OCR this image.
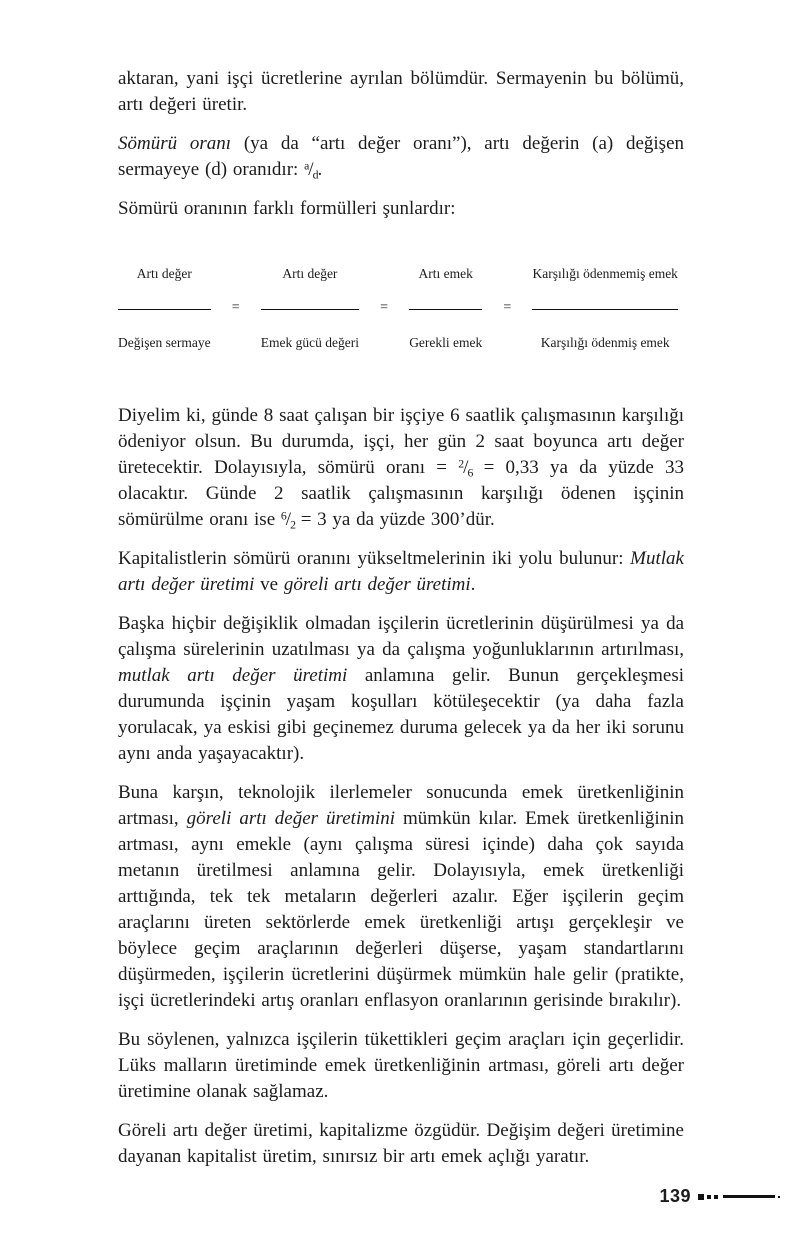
aktaran, yani işçi ücretlerine ayrılan bölümdür. Sermayenin bu bölümü, artı değeri üretir.

Sömürü oranı (ya da “artı değer oranı”), artı değerin (a) değişen sermayeye (d) oranıdır: $^a/_d$.

Sömürü oranının farklı formülleri şunlardır:

$\frac{\text{Artı değer}}{\text{Değişen sermaye}} = \frac{\text{Artı değer}}{\text{Emek gücü değeri}} = \frac{\text{Artı emek}}{\text{Gerekli emek}} = \frac{\text{Karşılığı ödenmemiş emek}}{\text{Karşılığı ödenmiş emek}}$

Diyelim ki, günde 8 saat çalışan bir işçiye 6 saatlik çalışmasının karşılığı ödeniyor olsun. Bu durumda, işçi, her gün 2 saat boyunca artı değer üretecektir. Dolayısıyla, sömürü oranı = $^2/_6 = 0,33$ ya da yüzde 33 olacaktır. Günde 2 saatlik çalışmasının karşılığı ödenen işçinin sömürülme oranı ise $^6/_2 = 3$ ya da yüzde 300’dür.

Kapitalistlerin sömürü oranını yükseltmelerinin iki yolu bulunur: Mutlak artı değer üretimi ve göreli artı değer üretimi.

Başka hiçbir değişiklik olmadan işçilerin ücretlerinin düşürülmesi ya da çalışma sürelerinin uzatılması ya da çalışma yoğunluklarının artırılması, mutlak artı değer üretimi anlamına gelir. Bunun gerçekleşmesi durumunda işçinin yaşam koşulları kötüleşecektir (ya daha fazla yorulacak, ya eskisi gibi geçinemez duruma gelecek ya da her iki sorunu aynı anda yaşayacaktır).

Buna karşın, teknolojik ilerlemeler sonucunda emek üretkenliğinin artması, göreli artı değer üretimini mümkün kılar. Emek üretkenliğinin artması, aynı emekle (aynı çalışma süresi içinde) daha çok sayıda metanın üretilmesi anlamına gelir. Dolayısıyla, emek üretkenliği arttığında, tek tek metaların değerleri azalır. Eğer işçilerin geçim araçlarını üreten sektörlerde emek üretkenliği artışı gerçekleşir ve böylece geçim araçlarının değerleri düşerse, yaşam standartlarını düşürmeden, işçilerin ücretlerini düşürmek mümkün hale gelir (pratikte, işçi ücretlerindeki artış oranları enflasyon oranlarının gerisinde bırakılır).

Bu söylenen, yalnızca işçilerin tükettikleri geçim araçları için geçerlidir. Lüks malların üretiminde emek üretkenliğinin artması, göreli artı değer üretimine olanak sağlamaz.

Göreli artı değer üretimi, kapitalizme özgüdür. Değişim değeri üretimine dayanan kapitalist üretim, sınırsız bir artı emek açlığı yaratır.

139
